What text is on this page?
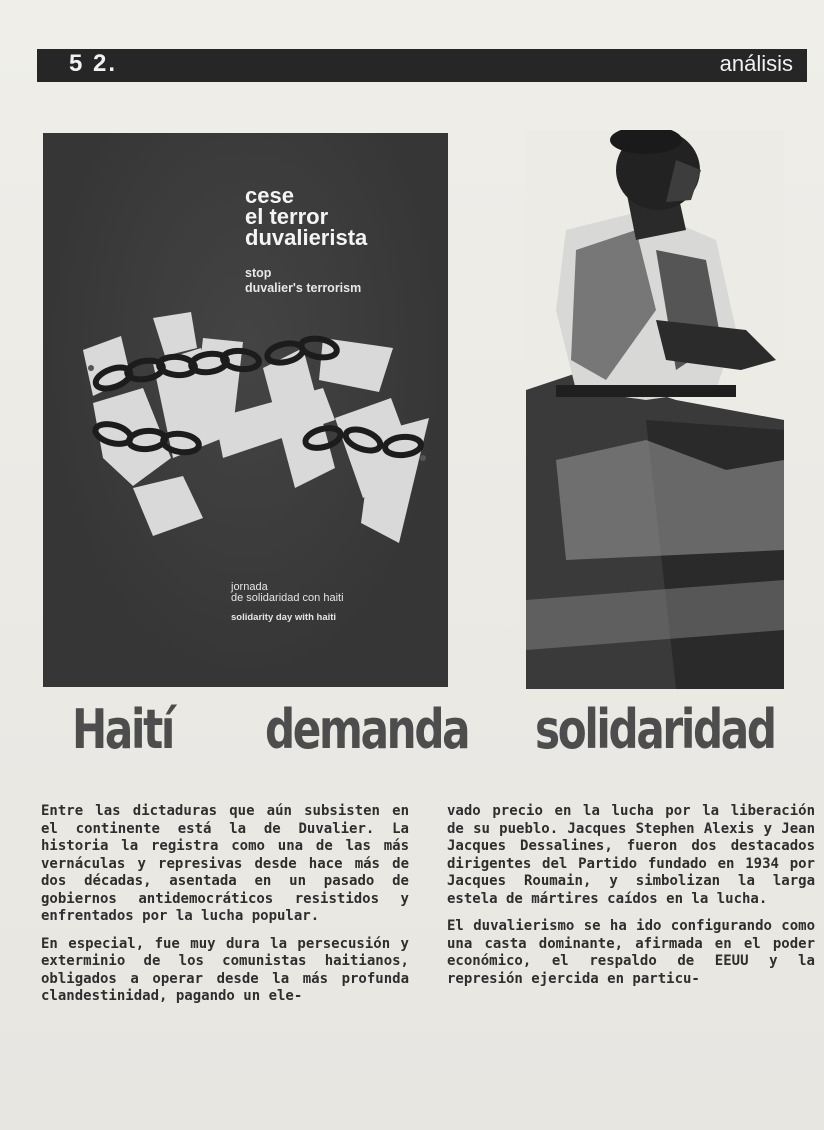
5 2.	análisis
cese
el terror
duvalierista
stop
duvalier's terrorism
jornada
de solidaridad con haiti
solidarity day with haiti
Haití demanda solidaridad

Entre las dictaduras que aún subsisten en el continente está la de Duvalier. La historia la registra como una de las más vernáculas y represivas desde hace más de dos décadas, asentada en un pasado de gobiernos antidemocráticos resistidos y enfrentados por la lucha popular.

En especial, fue muy dura la persecusión y exterminio de los comunistas haitianos, obligados a operar desde la más profunda clandestinidad, pagando un ele-

vado precio en la lucha por la liberación de su pueblo. Jacques Stephen Alexis y Jean Jacques Dessalines, fueron dos destacados dirigentes del Partido fundado en 1934 por Jacques Roumain, y simbolizan la larga estela de mártires caídos en la lucha.

El duvalierismo se ha ido configurando como una casta dominante, afirmada en el poder económico, el respaldo de EEUU y la represión ejercida en particu-
